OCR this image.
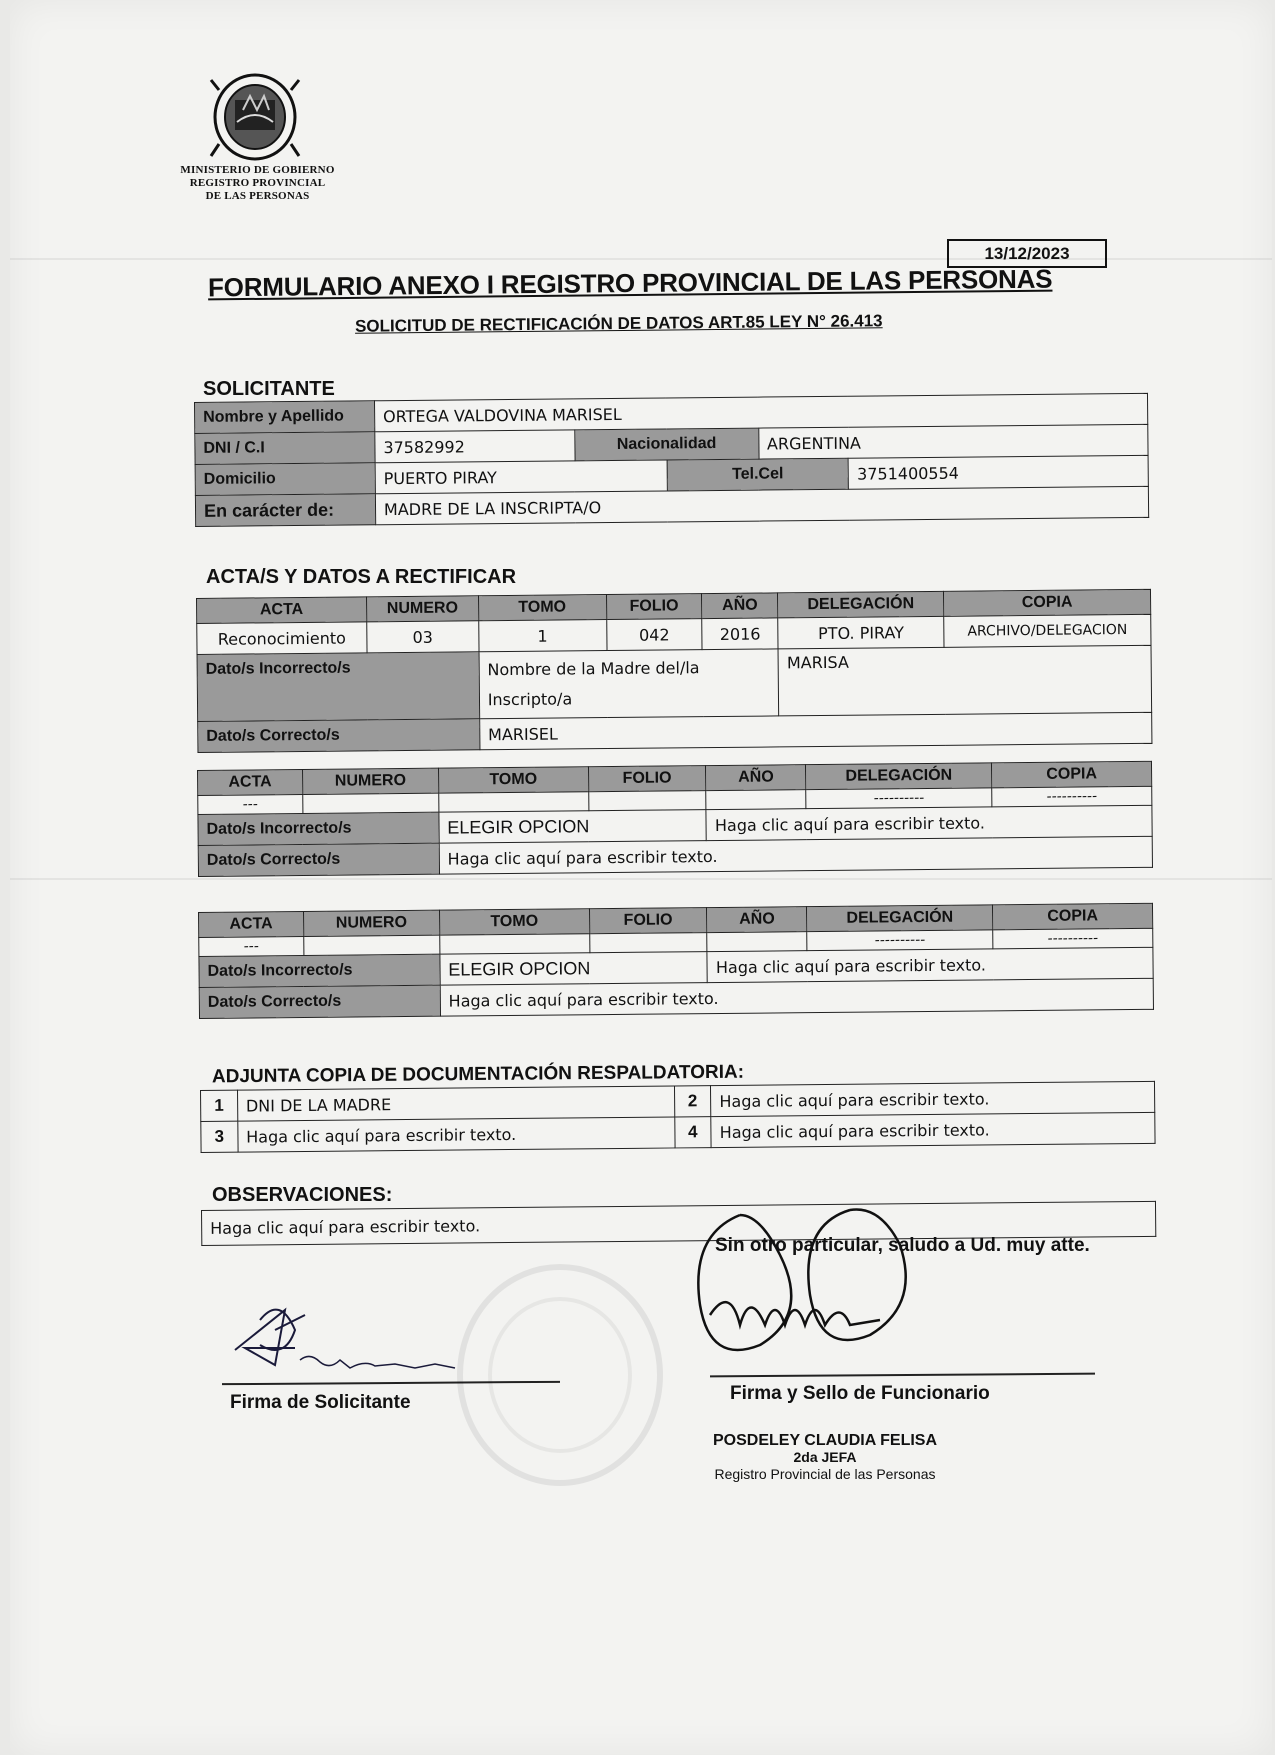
MINISTERIO DE GOBIERNO
REGISTRO PROVINCIAL
DE LAS PERSONAS
13/12/2023
FORMULARIO ANEXO I REGISTRO PROVINCIAL DE LAS PERSONAS
SOLICITUD DE RECTIFICACIÓN DE DATOS ART.85 LEY N° 26.413
SOLICITANTE
Nombre y Apellido	ORTEGA VALDOVINA MARISEL				
DNI / C.I	37582992	Nacionalidad		ARGENTINA	
Domicilio	PUERTO PIRAY		Tel.Cel		3751400554
En carácter de:	MADRE DE LA INSCRIPTA/O				
ACTA/S Y DATOS A RECTIFICAR
ACTA	NUMERO	TOMO	FOLIO	AÑO	DELEGACIÓN	COPIA
Reconocimiento	03	1	042	2016	PTO. PIRAY	ARCHIVO/DELEGACION
Dato/s Incorrecto/s		Nombre de la Madre del/la Inscripto/a			MARISA	
Dato/s Correcto/s		MARISEL				
ACTA	NUMERO	TOMO	FOLIO	AÑO	DELEGACIÓN	COPIA
---					----------	----------
Dato/s Incorrecto/s		ELEGIR OPCION		Haga clic aquí para escribir texto.		
Dato/s Correcto/s		Haga clic aquí para escribir texto.				
ACTA	NUMERO	TOMO	FOLIO	AÑO	DELEGACIÓN	COPIA
---					----------	----------
Dato/s Incorrecto/s		ELEGIR OPCION		Haga clic aquí para escribir texto.		
Dato/s Correcto/s		Haga clic aquí para escribir texto.				
ADJUNTA COPIA DE DOCUMENTACIÓN RESPALDATORIA:
1	DNI DE LA MADRE	2	Haga clic aquí para escribir texto.
3	Haga clic aquí para escribir texto.	4	Haga clic aquí para escribir texto.
OBSERVACIONES:
Haga clic aquí para escribir texto.
Sin otro particular, saludo a Ud. muy atte.
Firma de Solicitante	Firma y Sello de Funcionario
POSDELEY CLAUDIA FELISA
2da JEFA
Registro Provincial de las Personas
